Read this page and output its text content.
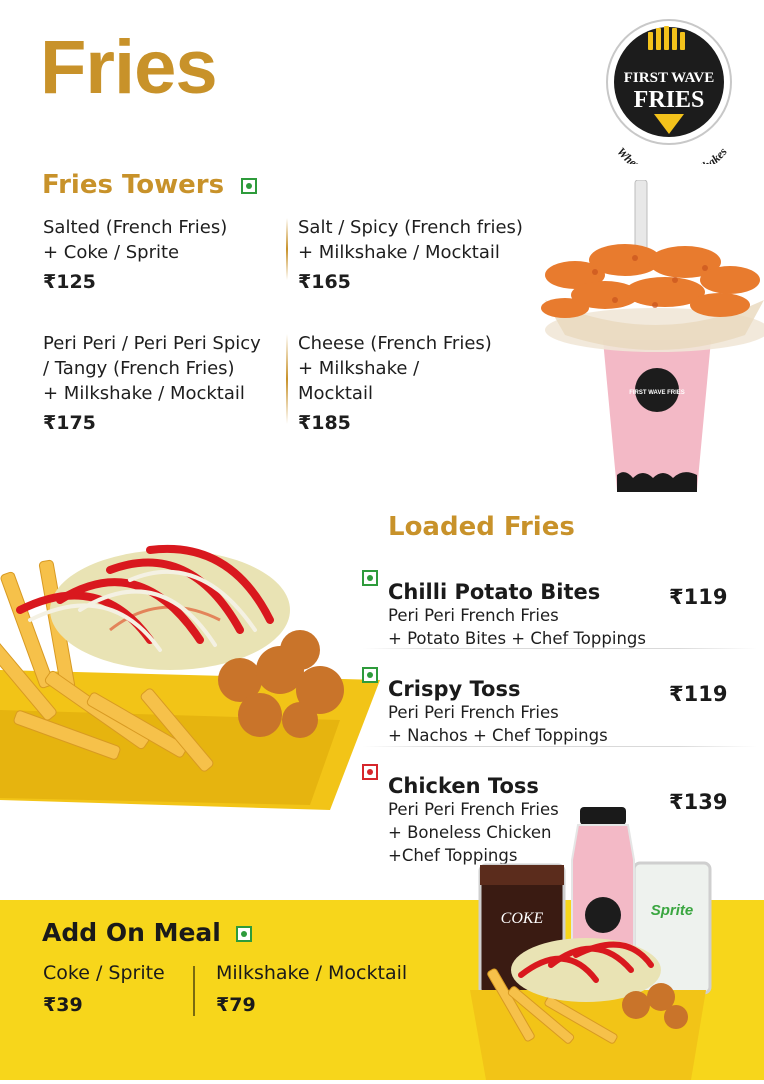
Fries	FIRST WAVE
FRIES
Whe akes
Fries Towers
Salted (French Fries)
+ Coke / Sprite
₹125
Salt / Spicy (French fries)
+ Milkshake / Mocktail
₹165
Peri Peri / Peri Peri Spicy
/ Tangy (French Fries)
+ Milkshake / Mocktail
₹175
Cheese (French Fries)
+ Milkshake /
Mocktail
₹185
FIRST WAVE FRIES
Loaded Fries
Chilli Potato Bites
Peri Peri French Fries
+ Potato Bites + Chef Toppings
₹119
Crispy Toss
Peri Peri French Fries
+ Nachos + Chef Toppings
₹119
Chicken Toss
Peri Peri French Fries
+ Boneless Chicken
+Chef Toppings
₹139
Add On Meal
Coke / Sprite
₹39
Milkshake / Mocktail
₹79
COKE	Sprite
